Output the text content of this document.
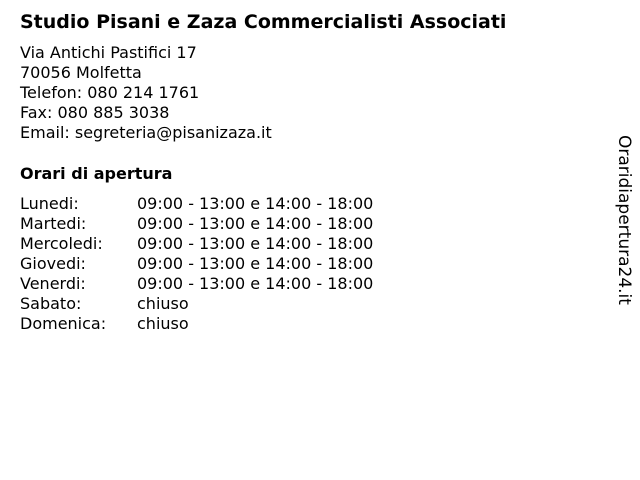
Studio Pisani e Zaza Commercialisti Associati
Via Antichi Pastifici 17
70056 Molfetta
Telefon: 080 214 1761
Fax: 080 885 3038
Email: segreteria@pisanizaza.it
Orari di apertura
Lunedi:	09:00 - 13:00 e 14:00 - 18:00
Martedi:	09:00 - 13:00 e 14:00 - 18:00
Mercoledi:	09:00 - 13:00 e 14:00 - 18:00
Giovedi:	09:00 - 13:00 e 14:00 - 18:00
Venerdi:	09:00 - 13:00 e 14:00 - 18:00
Sabato:	chiuso
Domenica:	chiuso
Oraridiapertura24.it
